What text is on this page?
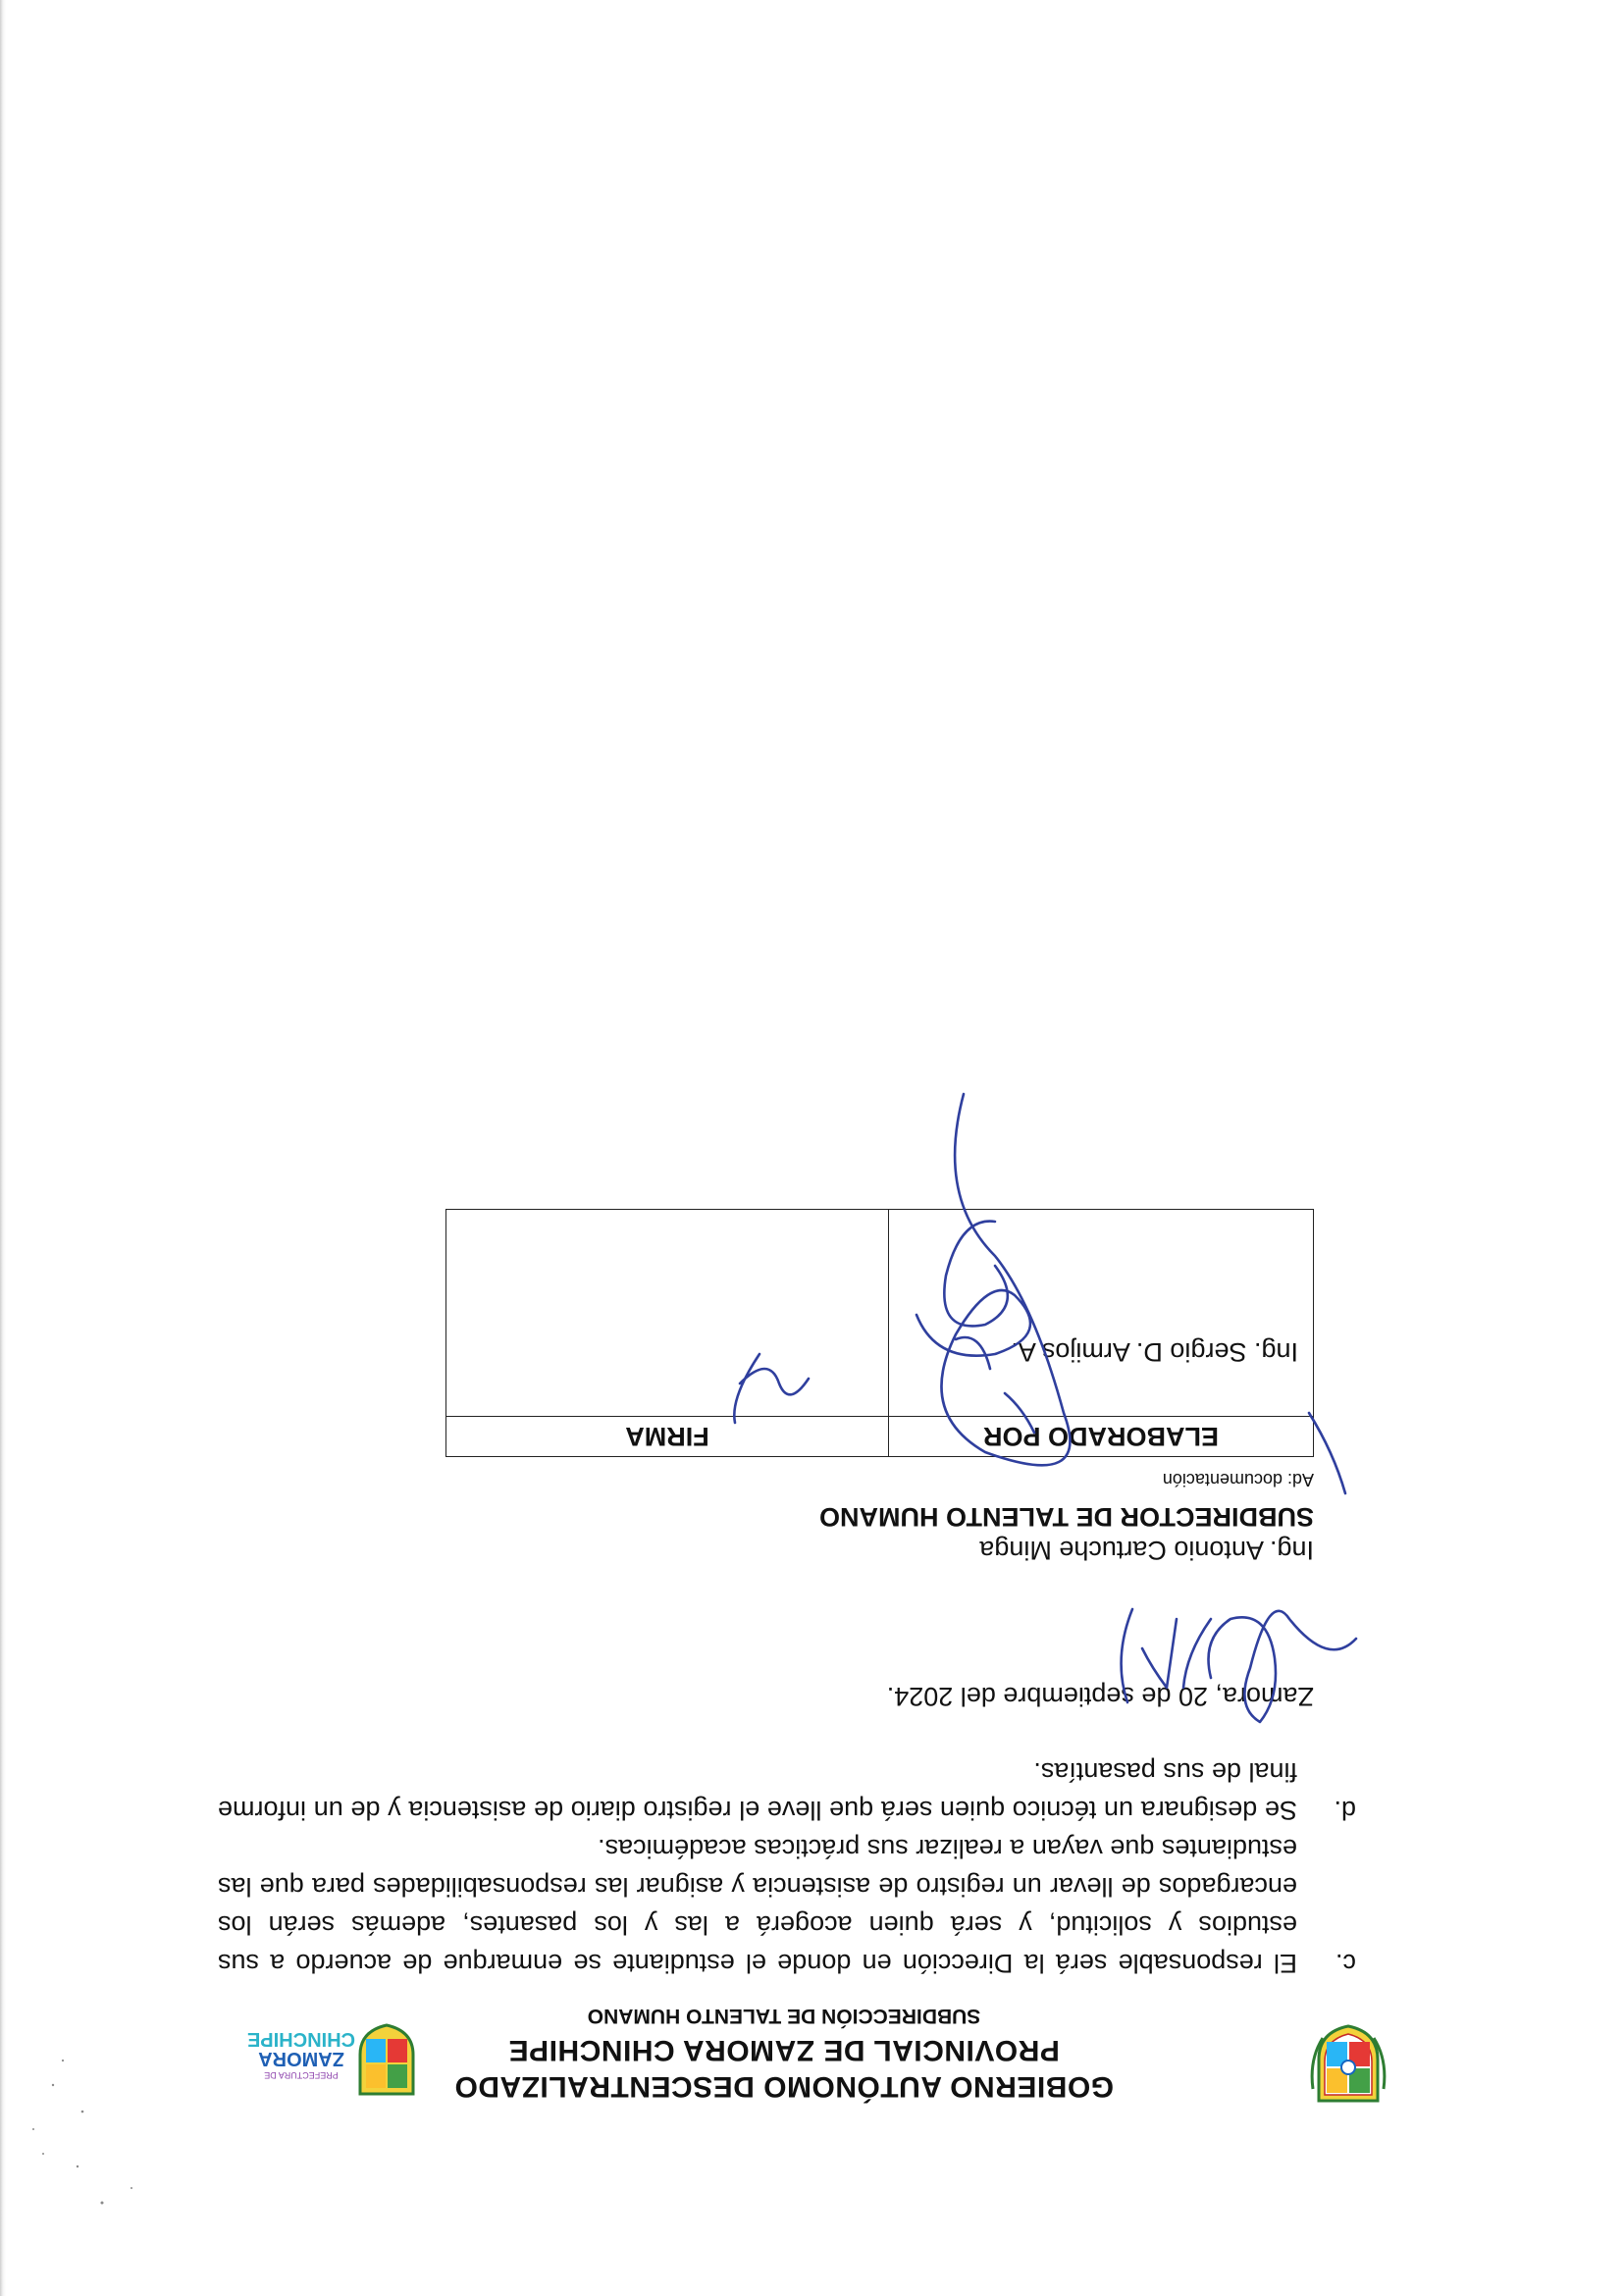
GOBIERNO AUTÓNOMO DESCENTRALIZADO
PROVINCIAL DE ZAMORA CHINCHIPE
SUBDIRECCIÓN DE TALENTO HUMANO
PREFECTURA DE
ZAMORA
CHINCHIPE
c.
El responsable será la Dirección en donde el estudiante se enmarque de acuerdo a sus estudios y solicitud, y será quien acogerá a las y los pasantes, además serán los encargados de llevar un registro de asistencia y asignar las responsabilidades para que las estudiantes que vayan a realizar sus prácticas académicas.
d.
Se designara un técnico quien será que lleve el registro diario de asistencia y de un informe final de sus pasantías.
Zamora, 20 de septiembre del 2024.
Ing. Antonio Cartuche Minga
SUBDIRECTOR DE TALENTO HUMANO
Ad: documentación
ELABORADO POR	FIRMA
Ing. Sergio D. Armijos A.	
